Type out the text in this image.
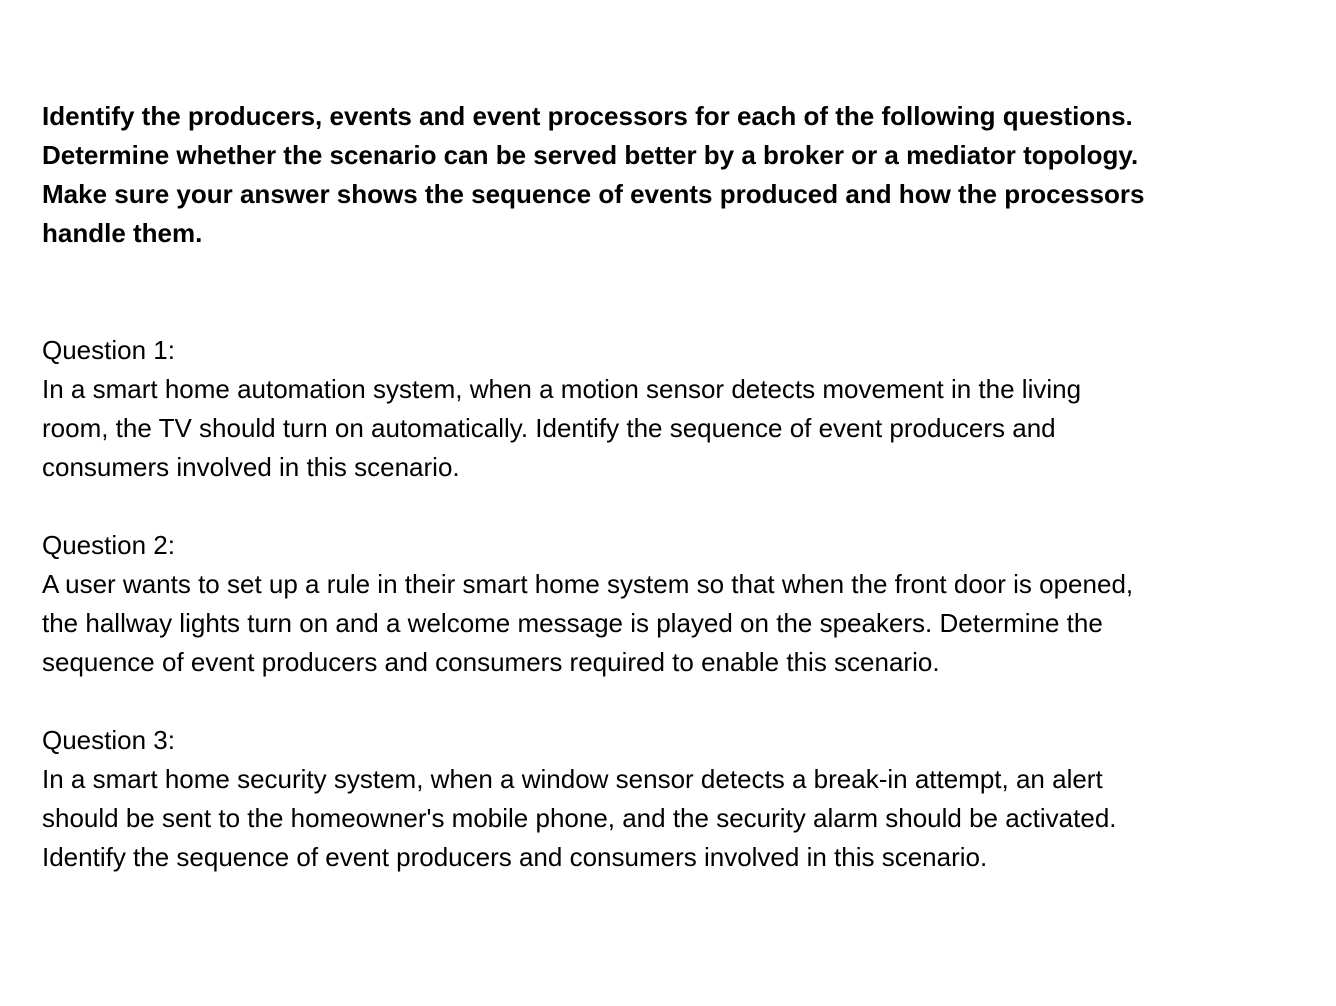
Identify the producers, events and event processors for each of the following questions.

Determine whether the scenario can be served better by a broker or a mediator topology.

Make sure your answer shows the sequence of events produced and how the processors

handle them.

Question 1:

In a smart home automation system, when a motion sensor detects movement in the living

room, the TV should turn on automatically. Identify the sequence of event producers and

consumers involved in this scenario.

Question 2:

A user wants to set up a rule in their smart home system so that when the front door is opened,

the hallway lights turn on and a welcome message is played on the speakers. Determine the

sequence of event producers and consumers required to enable this scenario.

Question 3:

In a smart home security system, when a window sensor detects a break-in attempt, an alert

should be sent to the homeowner's mobile phone, and the security alarm should be activated.

Identify the sequence of event producers and consumers involved in this scenario.
